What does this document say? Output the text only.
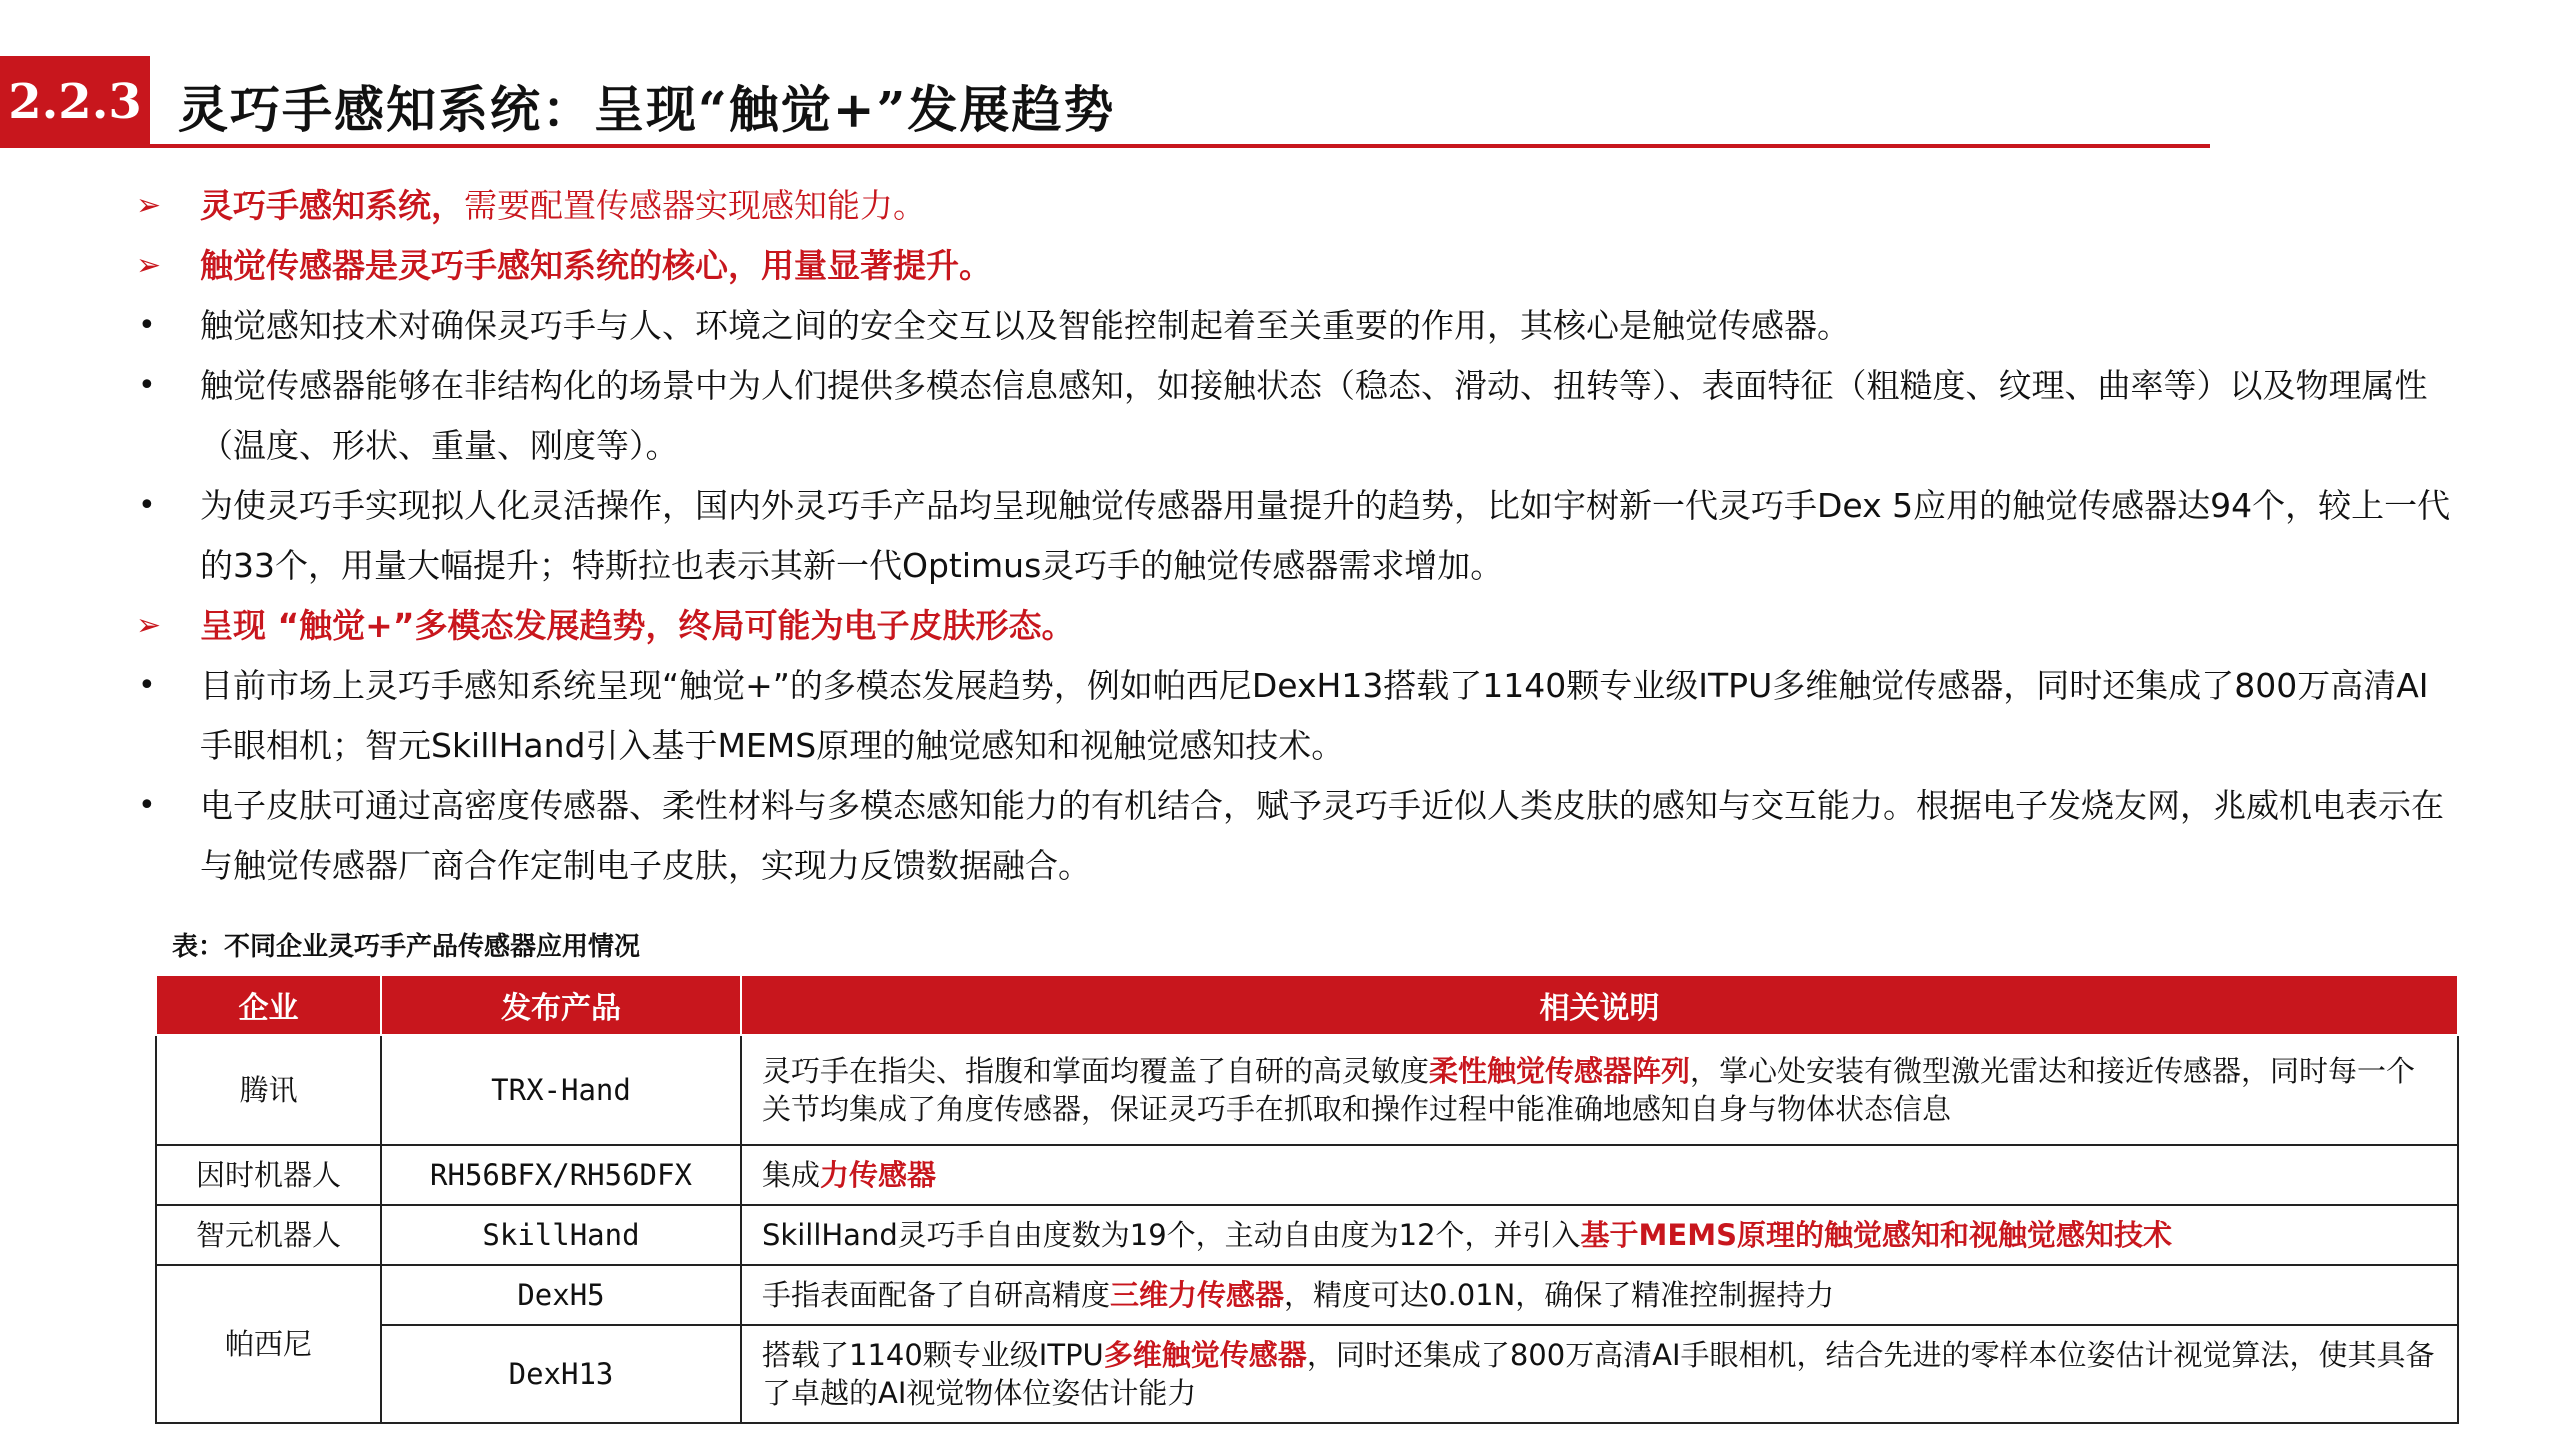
2.2.3 灵巧手感知系统：呈现“触觉+”发展趋势
➢	灵巧手感知系统，需要配置传感器实现感知能力。
➢	触觉传感器是灵巧手感知系统的核心，用量显著提升。
•	触觉感知技术对确保灵巧手与人、环境之间的安全交互以及智能控制起着至关重要的作用，其核心是触觉传感器。
•	触觉传感器能够在非结构化的场景中为人们提供多模态信息感知，如接触状态（稳态、滑动、扭转等）、表面特征（粗糙度、纹理、曲率等）以及物理属性（温度、形状、重量、刚度等）。
•	为使灵巧手实现拟人化灵活操作，国内外灵巧手产品均呈现触觉传感器用量提升的趋势，比如宇树新一代灵巧手Dex 5应用的触觉传感器达94个，较上一代的33个，用量大幅提升；特斯拉也表示其新一代Optimus灵巧手的触觉传感器需求增加。
➢	呈现 “触觉+”多模态发展趋势，终局可能为电子皮肤形态。
•	目前市场上灵巧手感知系统呈现“触觉+”的多模态发展趋势，例如帕西尼DexH13搭载了1140颗专业级ITPU多维触觉传感器，同时还集成了800万高清AI手眼相机；智元SkillHand引入基于MEMS原理的触觉感知和视触觉感知技术。
•	电子皮肤可通过高密度传感器、柔性材料与多模态感知能力的有机结合，赋予灵巧手近似人类皮肤的感知与交互能力。根据电子发烧友网，兆威机电表示在与触觉传感器厂商合作定制电子皮肤，实现力反馈数据融合。
表：不同企业灵巧手产品传感器应用情况
企业	发布产品	相关说明
腾讯	TRX-Hand	灵巧手在指尖、指腹和掌面均覆盖了自研的高灵敏度柔性触觉传感器阵列，掌心处安装有微型激光雷达和接近传感器，同时每一个关节均集成了角度传感器，保证灵巧手在抓取和操作过程中能准确地感知自身与物体状态信息
因时机器人	RH56BFX/RH56DFX	集成力传感器
智元机器人	SkillHand	SkillHand灵巧手自由度数为19个，主动自由度为12个，并引入基于MEMS原理的触觉感知和视触觉感知技术
帕西尼	DexH5	手指表面配备了自研高精度三维力传感器，精度可达0.01N，确保了精准控制握持力
	DexH13	搭载了1140颗专业级ITPU多维触觉传感器，同时还集成了800万高清AI手眼相机，结合先进的零样本位姿估计视觉算法，使其具备了卓越的AI视觉物体位姿估计能力
